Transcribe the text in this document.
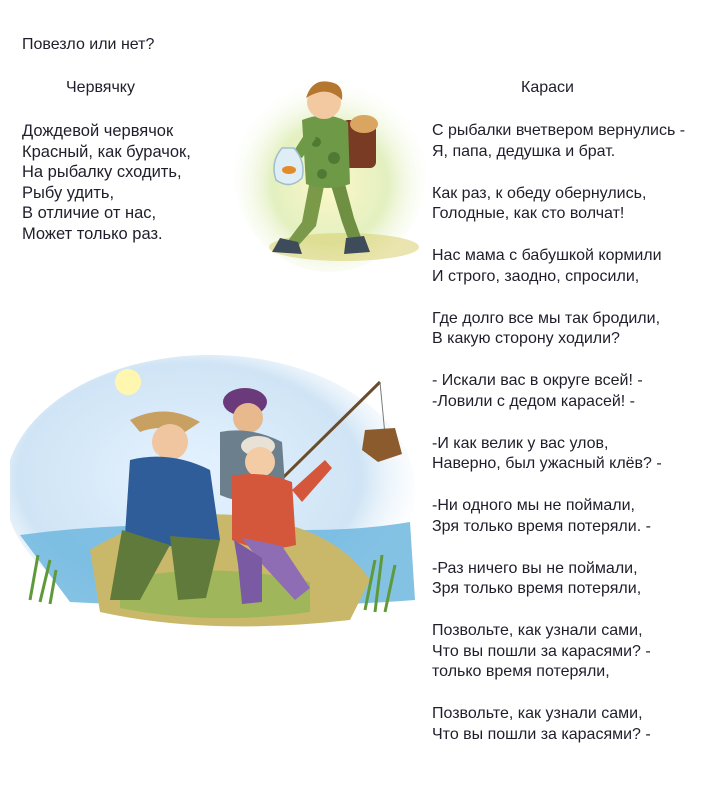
Повезло или нет?
Червячку	Караси
Дождевой червячок
Красный, как бурачок,
На рыбалку сходить,
Рыбу удить,
В отличие от нас,
Может только раз.
С рыбалки вчетвером вернулись -
Я, папа, дедушка и брат.
Как раз, к обеду обернулись,
Голодные, как сто волчат!
Нас мама с бабушкой кормили
И строго, заодно, спросили,
Где долго все мы так бродили,
В какую сторону ходили?
- Искали вас в округе всей! -
-Ловили с дедом карасей! -
-И как велик у вас улов,
Наверно, был ужасный клёв? -
-Ни одного мы не поймали,
Зря только время потеряли. -
-Раз ничего вы не поймали,
Зря только время потеряли,
Позвольте, как узнали сами,
Что вы пошли за карасями? -
только время потеряли,
Позвольте, как узнали сами,
Что вы пошли за карасями? -
